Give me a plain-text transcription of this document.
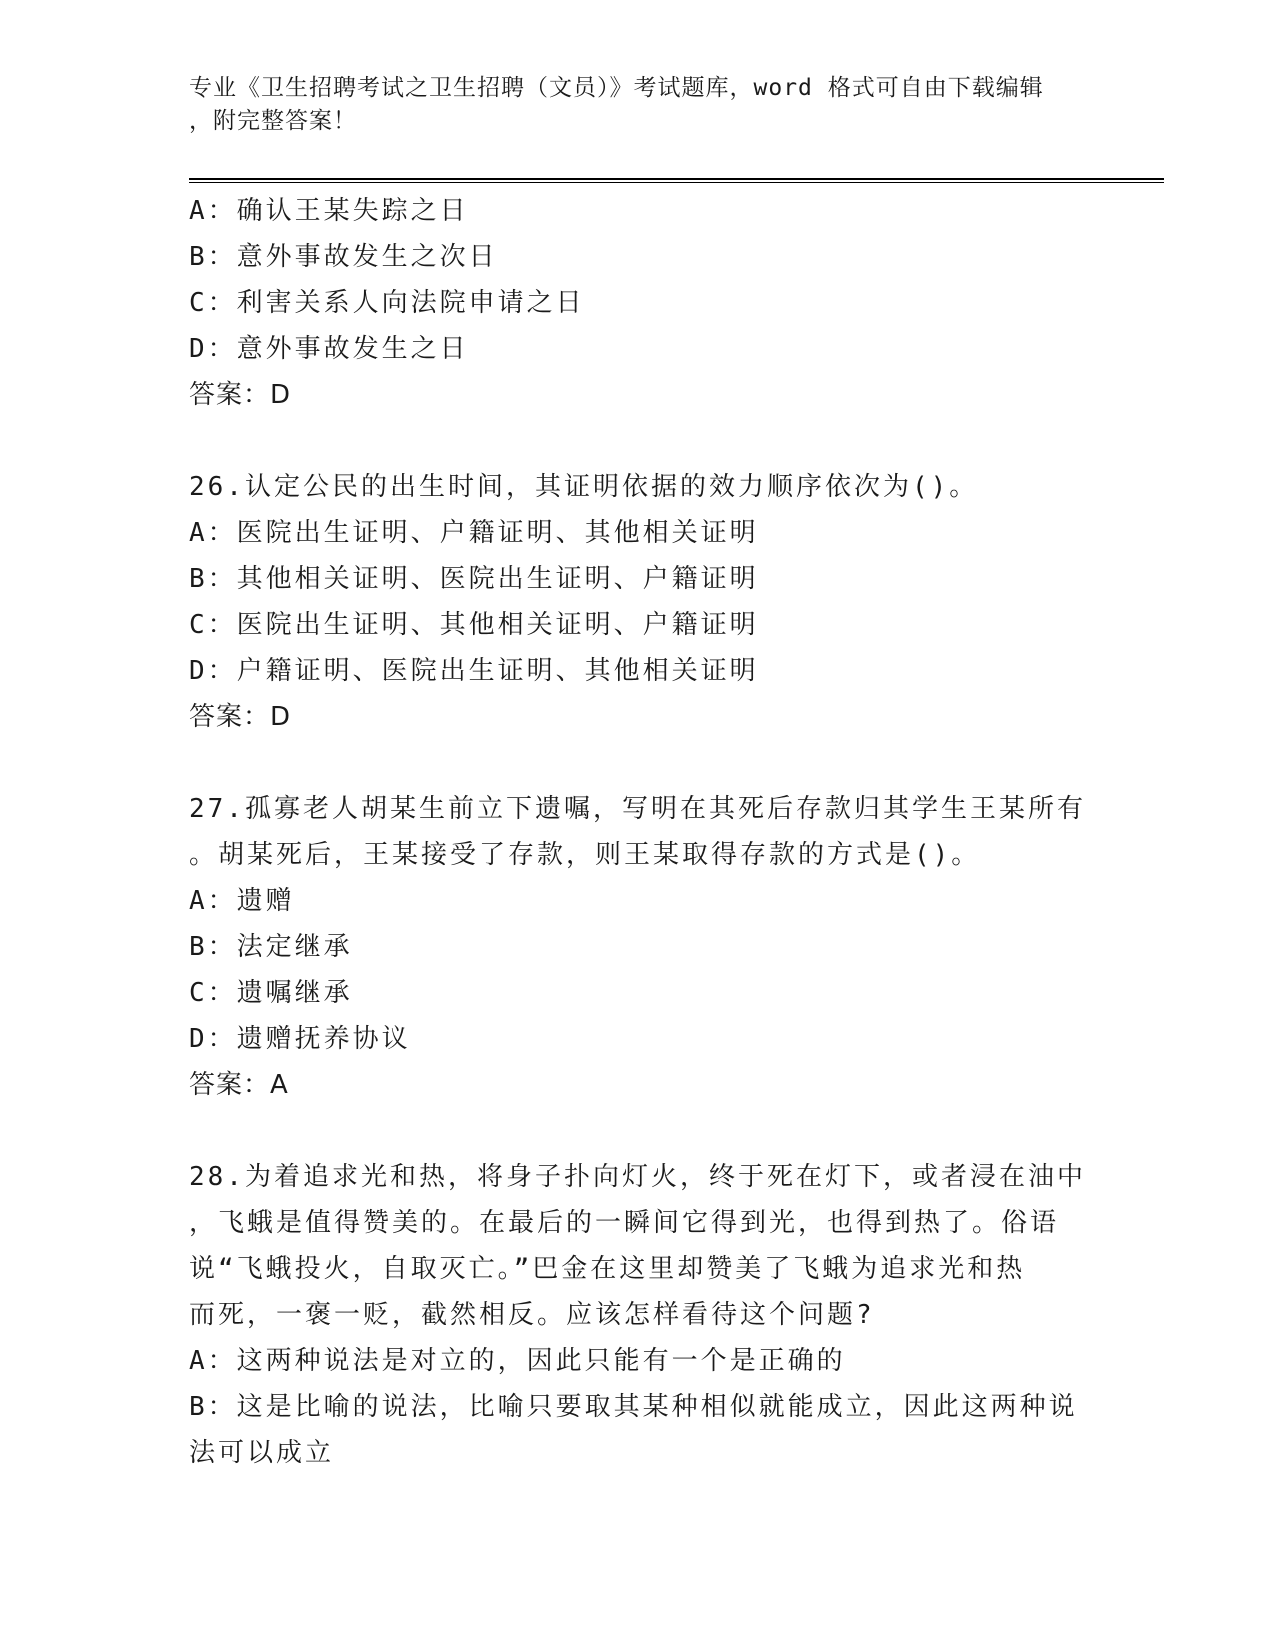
专业《卫生招聘考试之卫生招聘（文员）》考试题库，word 格式可自由下载编辑
，附完整答案！
A：确认王某失踪之日
B：意外事故发生之次日
C：利害关系人向法院申请之日
D：意外事故发生之日
答案：D
26.认定公民的出生时间，其证明依据的效力顺序依次为()。
A：医院出生证明、户籍证明、其他相关证明
B：其他相关证明、医院出生证明、户籍证明
C：医院出生证明、其他相关证明、户籍证明
D：户籍证明、医院出生证明、其他相关证明
答案：D
27.孤寡老人胡某生前立下遗嘱，写明在其死后存款归其学生王某所有
。胡某死后，王某接受了存款，则王某取得存款的方式是()。
A：遗赠
B：法定继承
C：遗嘱继承
D：遗赠抚养协议
答案：A
28.为着追求光和热，将身子扑向灯火，终于死在灯下，或者浸在油中
，飞蛾是值得赞美的。在最后的一瞬间它得到光，也得到热了。俗语
说“飞蛾投火，自取灭亡。”巴金在这里却赞美了飞蛾为追求光和热
而死，一褒一贬，截然相反。应该怎样看待这个问题?
A：这两种说法是对立的，因此只能有一个是正确的
B：这是比喻的说法，比喻只要取其某种相似就能成立，因此这两种说
法可以成立
